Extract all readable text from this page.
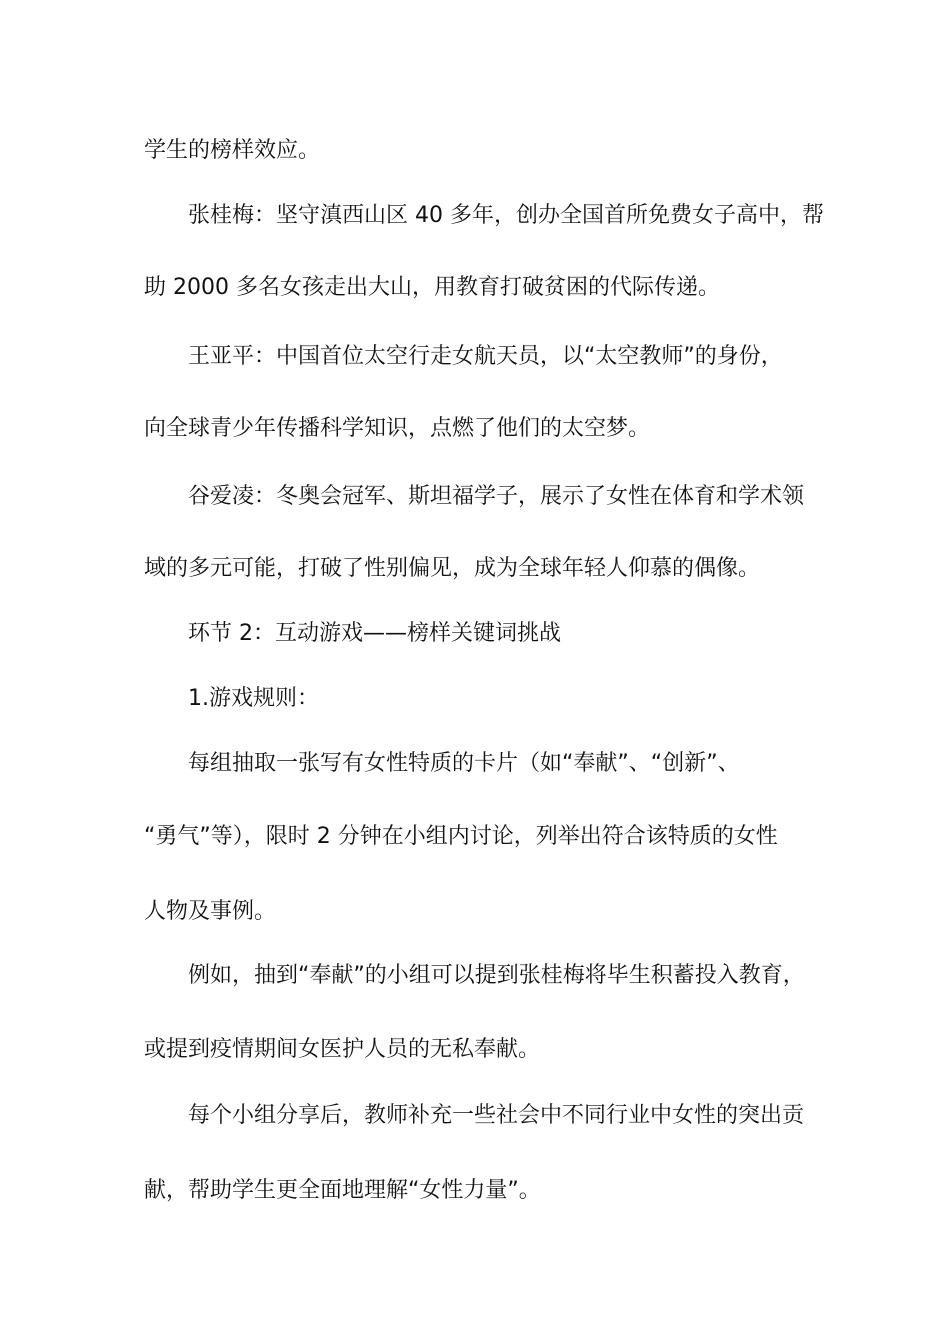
学生的榜样效应。

张桂梅：坚守滇西山区 40 多年，创办全国首所免费女子高中，帮

助 2000 多名女孩走出大山，用教育打破贫困的代际传递。

王亚平：中国首位太空行走女航天员，以“太空教师”的身份，

向全球青少年传播科学知识，点燃了他们的太空梦。

谷爱凌：冬奥会冠军、斯坦福学子，展示了女性在体育和学术领

域的多元可能，打破了性别偏见，成为全球年轻人仰慕的偶像。

环节 2：互动游戏——榜样关键词挑战

1.游戏规则：

每组抽取一张写有女性特质的卡片（如“奉献”、“创新”、

“勇气”等），限时 2 分钟在小组内讨论，列举出符合该特质的女性

人物及事例。

例如，抽到“奉献”的小组可以提到张桂梅将毕生积蓄投入教育，

或提到疫情期间女医护人员的无私奉献。

每个小组分享后，教师补充一些社会中不同行业中女性的突出贡

献，帮助学生更全面地理解“女性力量”。
